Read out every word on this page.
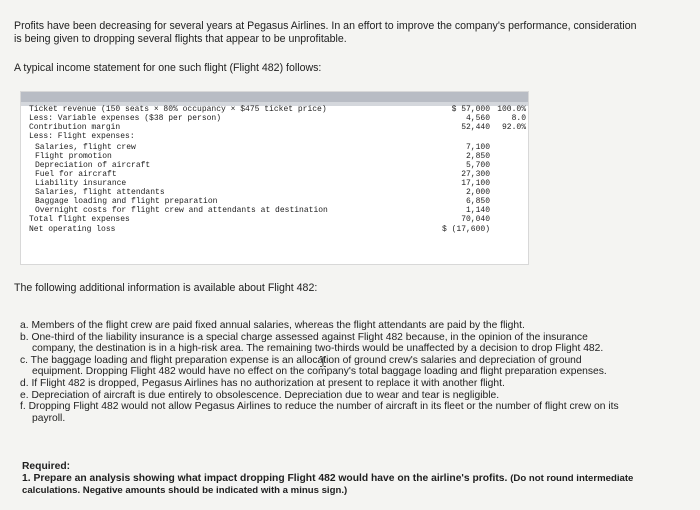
Profits have been decreasing for several years at Pegasus Airlines. In an effort to improve the company's performance, consideration
is being given to dropping several flights that appear to be unprofitable.
A typical income statement for one such flight (Flight 482) follows:
Ticket revenue (150 seats × 80% occupancy × $475 ticket price)	$ 57,000 100.0%
Less: Variable expenses ($38 per person)	4,560	8.0
Contribution margin	52,440 92.0%
Less: Flight expenses:
Salaries, flight crew	7,100
Flight promotion	2,850
Depreciation of aircraft	5,700
Fuel for aircraft	27,300
Liability insurance	17,100
Salaries, flight attendants	2,000
Baggage loading and flight preparation	6,850
Overnight costs for flight crew and attendants at destination	1,140
Total flight expenses	70,040
Net operating loss	$ (17,600)
The following additional information is available about Flight 482:
a. Members of the flight crew are paid fixed annual salaries, whereas the flight attendants are paid by the flight.
b. One-third of the liability insurance is a special charge assessed against Flight 482 because, in the opinion of the insurance
company, the destination is in a high-risk area. The remaining two-thirds would be unaffected by a decision to drop Flight 482.
c. The baggage loading and flight preparation expense is an allocation of ground crew's salaries and depreciation of ground
equipment. Dropping Flight 482 would have no effect on the company's total baggage loading and flight preparation expenses.
d. If Flight 482 is dropped, Pegasus Airlines has no authorization at present to replace it with another flight.
e. Depreciation of aircraft is due entirely to obsolescence. Depreciation due to wear and tear is negligible.
f. Dropping Flight 482 would not allow Pegasus Airlines to reduce the number of aircraft in its fleet or the number of flight crew on its
payroll.
Required:
1. Prepare an analysis showing what impact dropping Flight 482 would have on the airline's profits. (Do not round intermediate calculations. Negative amounts should be indicated with a minus sign.)
